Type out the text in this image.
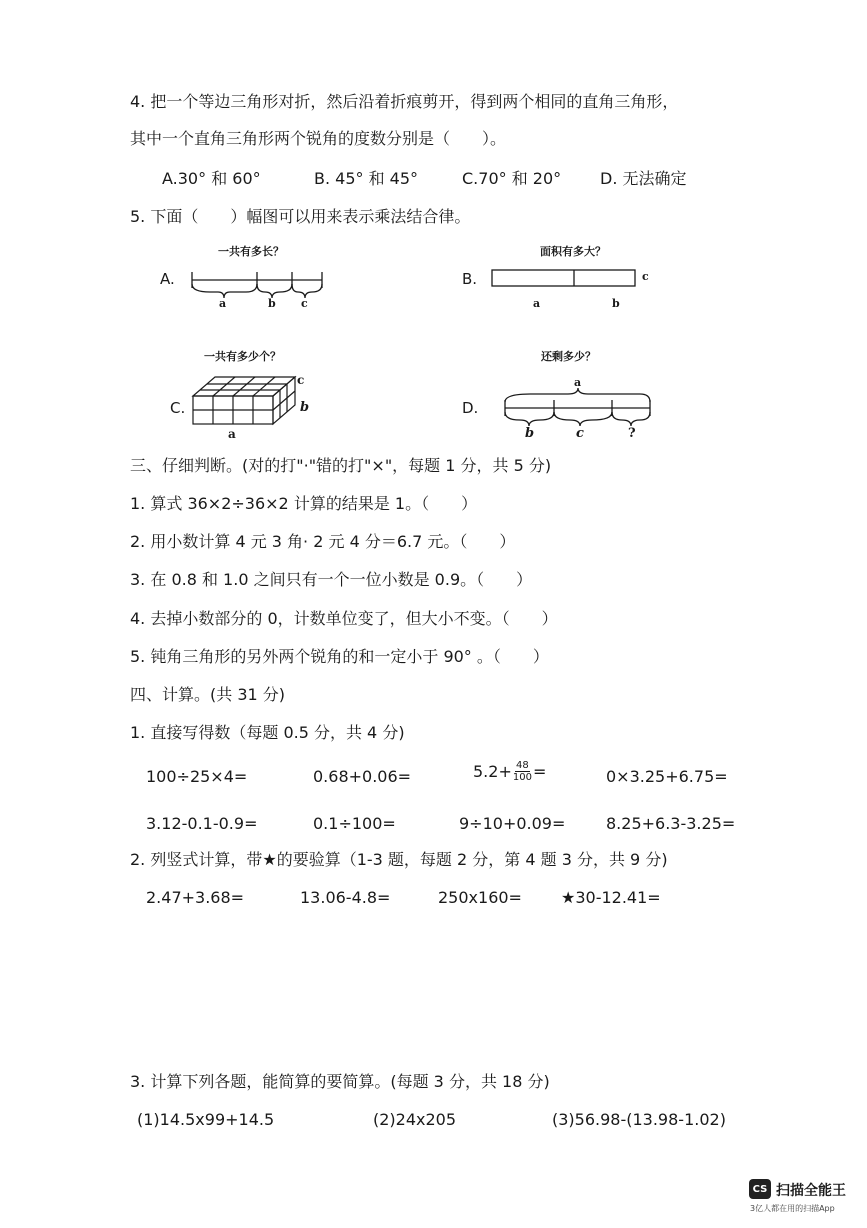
4. 把一个等边三角形对折，然后沿着折痕剪开，得到两个相同的直角三角形，
其中一个直角三角形两个锐角的度数分别是（　　）。
A.30° 和 60°	B. 45° 和 45°	C.70° 和 20° D. 无法确定
5. 下面（　　）幅图可以用来表示乘法结合律。
一共有多长？
A.
a	b c
面积有多大？
B.	c
a	b
一共有多少个？
C.
c
b
a
还剩多少？
D.
a
b	c	?
三、仔细判断。(对的打"·"错的打"×"，每题 1 分，共 5 分)
1. 算式 36×2÷36×2 计算的结果是 1。（　　）
2. 用小数计算 4 元 3 角· 2 元 4 分＝6.7 元。（　　）
3. 在 0.8 和 1.0 之间只有一个一位小数是 0.9。（　　）
4. 去掉小数部分的 0，计数单位变了，但大小不变。（　　）
5. 钝角三角形的另外两个锐角的和一定小于 90° 。（　　）
四、计算。(共 31 分)
1. 直接写得数（每题 0.5 分，共 4 分)
100÷25×4=	0.68+0.06=	$5.2+ \frac{48}{100}$ =	0×3.25+6.75=
3.12-0.1-0.9=	0.1÷100=	9÷10+0.09=	8.25+6.3-3.25=
2. 列竖式计算，带★的要验算（1-3 题，每题 2 分，第 4 题 3 分，共 9 分)
2.47+3.68=	13.06-4.8=	250x160= ★30-12.41=
3. 计算下列各题，能简算的要简算。(每题 3 分，共 18 分)
(1)14.5x99+14.5	(2)24x205	(3)56.98-(13.98-1.02)
CS 扫描全能王
3亿人都在用的扫描App
